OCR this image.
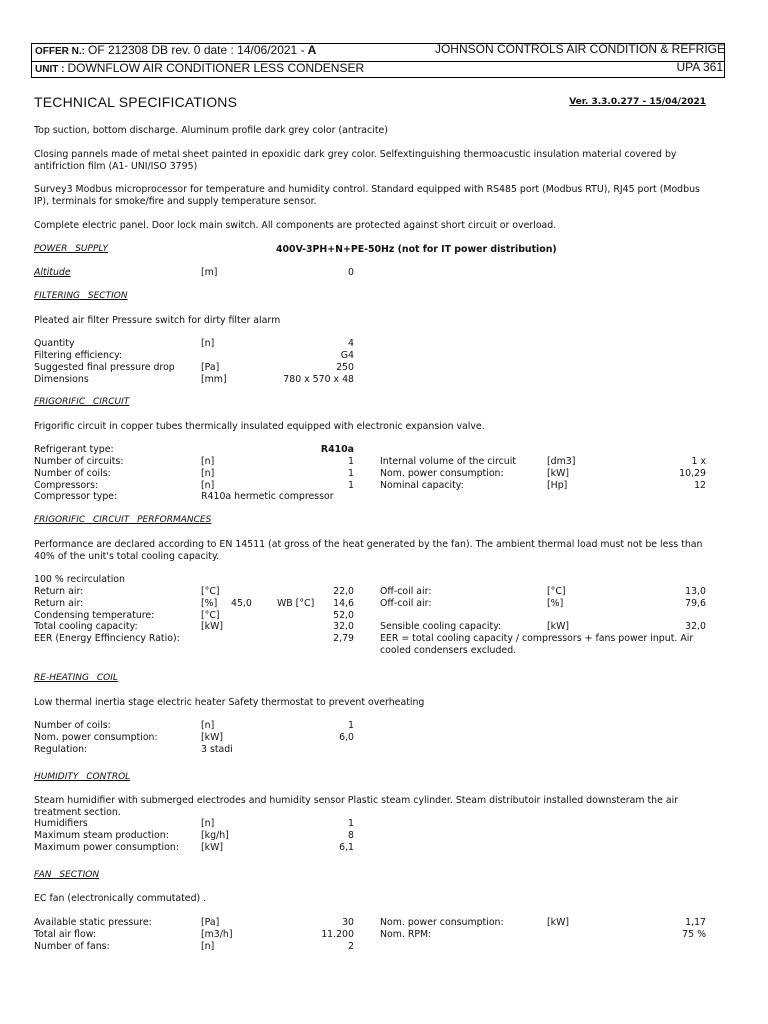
OFFER N.: OF 212308 DB rev. 0 date : 14/06/2021 - A
UNIT : DOWNFLOW AIR CONDITIONER LESS CONDENSER
JOHNSON CONTROLS AIR CONDITION & REFRIGE
UPA 361
TECHNICAL SPECIFICATIONS	Ver. 3.3.0.277 - 15/04/2021
Top suction, bottom discharge. Aluminum profile dark grey color (antracite)
Closing pannels made of metal sheet painted in epoxidic dark grey color. Selfextinguishing thermoacustic insulation material covered by antifriction film (A1- UNI/ISO 3795)
Survey3 Modbus microprocessor for temperature and humidity control. Standard equipped with RS485 port (Modbus RTU), RJ45 port (Modbus IP), terminals for smoke/fire and supply temperature sensor.
Complete electric panel. Door lock main switch. All components are protected against short circuit or overload.
POWER SUPPLY	400V-3PH+N+PE-50Hz (not for IT power distribution)
Altitude	[m]	0
FILTERING SECTION
Pleated air filter Pressure switch for dirty filter alarm
Quantity	[n]	4
Filtering efficiency:	G4
Suggested final pressure drop	[Pa]	250
Dimensions	[mm]	780 x 570 x 48
FRIGORIFIC CIRCUIT
Frigorific circuit in copper tubes thermically insulated equipped with electronic expansion valve.
Refrigerant type:	R410a
Number of circuits:	[n]	1
Number of coils:	[n]	1
Compressors:	[n]	1
Compressor type:	R410a hermetic compressor
Internal volume of the circuit	[dm3]	1 x
Nom. power consumption:	[kW]	10,29
Nominal capacity:	[Hp]	12
FRIGORIFIC CIRCUIT PERFORMANCES
Performance are declared according to EN 14511 (at gross of the heat generated by the fan). The ambient thermal load must not be less than 40% of the unit's total cooling capacity.
100 % recirculation
Return air:	[°C]	22,0
Return air:	[%] 45,0	WB [°C] 14,6
Condensing temperature:	[°C]	52,0
Total cooling capacity:	[kW]	32,0
EER (Energy Effinciency Ratio):	2,79
Off-coil air:	[°C]	13,0
Off-coil air:	[%]	79,6
Sensible cooling capacity:	[kW]	32,0
EER = total cooling capacity / compressors + fans power input. Air cooled condensers excluded.
RE-HEATING COIL
Low thermal inertia stage electric heater Safety thermostat to prevent overheating
Number of coils:	[n]	1
Nom. power consumption:	[kW]	6,0
Regulation:	3 stadi
HUMIDITY CONTROL
Steam humidifier with submerged electrodes and humidity sensor Plastic steam cylinder. Steam distributoir installed downsteram the air treatment section.
Humidifiers	[n]	1
Maximum steam production:	[kg/h]	8
Maximum power consumption: [kW]	6,1
FAN SECTION
EC fan (electronically commutated) .
Available static pressure:	[Pa]	30
Total air flow:	[m3/h]	11.200
Number of fans:	[n]	2
Nom. power consumption:	[kW]	1,17
Nom. RPM:	75 %
